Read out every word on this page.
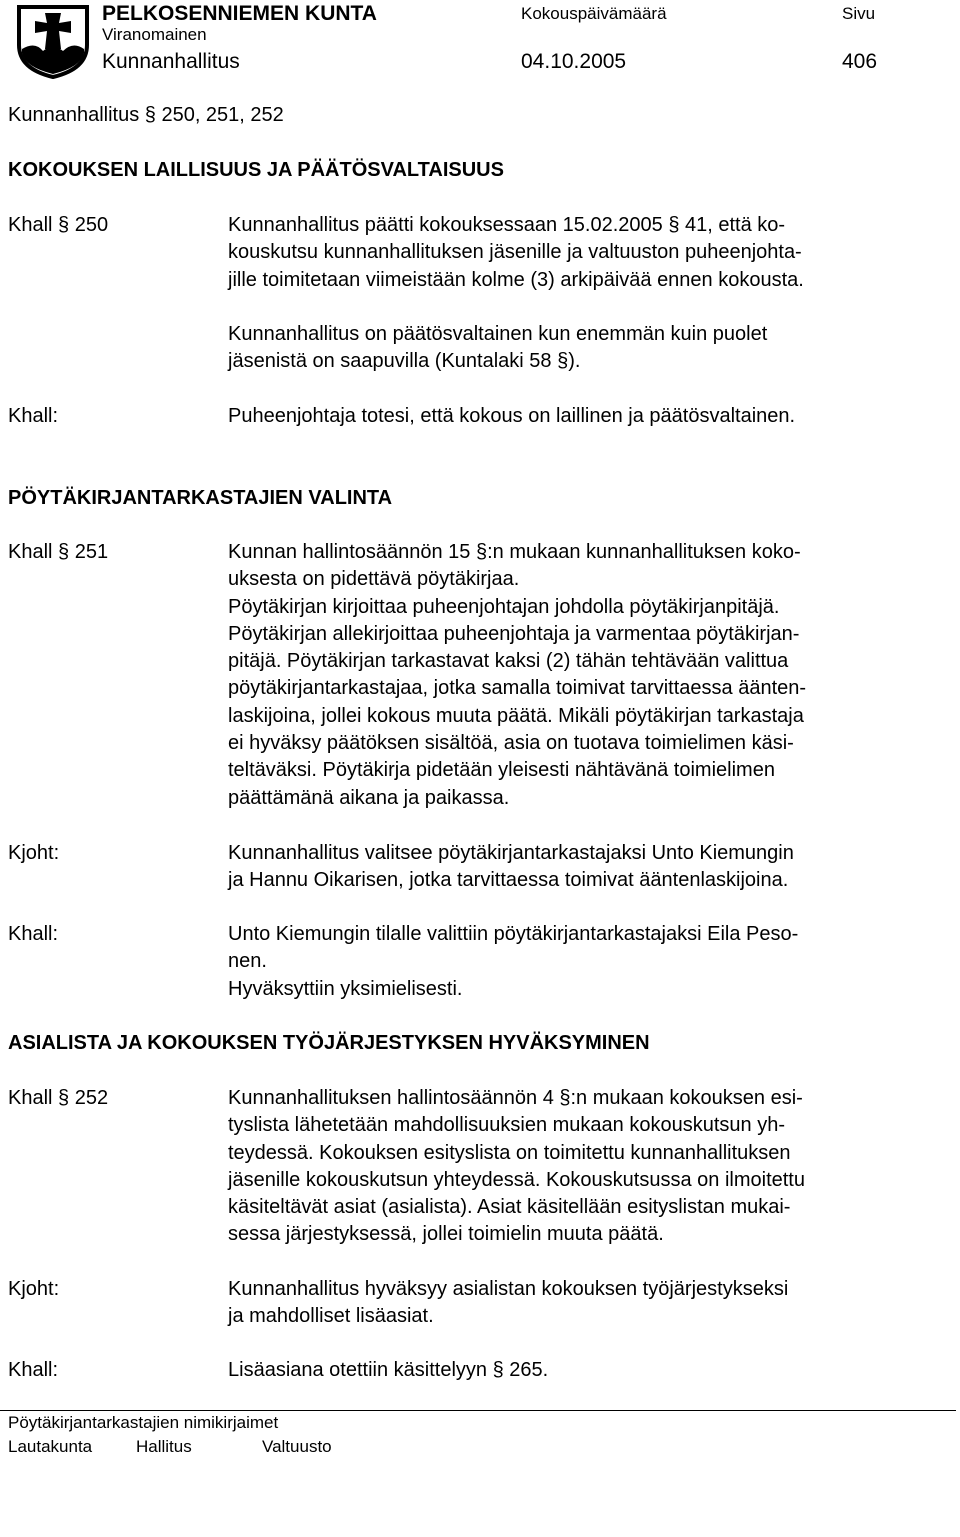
PELKOSENNIEMEN KUNTA
Viranomainen
Kunnanhallitus
Kokouspäivämäärä
04.10.2005
Sivu
406
Kunnanhallitus § 250, 251, 252
KOKOUKSEN LAILLISUUS JA PÄÄTÖSVALTAISUUS
Khall § 250	Kunnanhallitus päätti kokouksessaan 15.02.2005 § 41, että ko-
kouskutsu kunnanhallituksen jäsenille ja valtuuston puheenjohta-
jille toimitetaan viimeistään kolme (3) arkipäivää ennen kokousta.
Kunnanhallitus on päätösvaltainen kun enemmän kuin puolet
jäsenistä on saapuvilla (Kuntalaki 58 §).
Khall:	Puheenjohtaja totesi, että kokous on laillinen ja päätösvaltainen.
PÖYTÄKIRJANTARKASTAJIEN VALINTA
Khall § 251	Kunnan hallintosäännön 15 §:n mukaan kunnanhallituksen koko-
uksesta on pidettävä pöytäkirjaa.
Pöytäkirjan kirjoittaa puheenjohtajan johdolla pöytäkirjanpitäjä.
Pöytäkirjan allekirjoittaa puheenjohtaja ja varmentaa pöytäkirjan-
pitäjä. Pöytäkirjan tarkastavat kaksi (2) tähän tehtävään valittua
pöytäkirjantarkastajaa, jotka samalla toimivat tarvittaessa äänten-
laskijoina, jollei kokous muuta päätä. Mikäli pöytäkirjan tarkastaja
ei hyväksy päätöksen sisältöä, asia on tuotava toimielimen käsi-
teltäväksi. Pöytäkirja pidetään yleisesti nähtävänä toimielimen
päättämänä aikana ja paikassa.
Kjoht:	Kunnanhallitus valitsee pöytäkirjantarkastajaksi Unto Kiemungin
ja Hannu Oikarisen, jotka tarvittaessa toimivat ääntenlaskijoina.
Khall:	Unto Kiemungin tilalle valittiin pöytäkirjantarkastajaksi Eila Peso-
nen.
Hyväksyttiin yksimielisesti.
ASIALISTA JA KOKOUKSEN TYÖJÄRJESTYKSEN HYVÄKSYMINEN
Khall § 252	Kunnanhallituksen hallintosäännön 4 §:n mukaan kokouksen esi-
tyslista lähetetään mahdollisuuksien mukaan kokouskutsun yh-
teydessä. Kokouksen esityslista on toimitettu kunnanhallituksen
jäsenille kokouskutsun yhteydessä. Kokouskutsussa on ilmoitettu
käsiteltävät asiat (asialista). Asiat käsitellään esityslistan mukai-
sessa järjestyksessä, jollei toimielin muuta päätä.
Kjoht:	Kunnanhallitus hyväksyy asialistan kokouksen työjärjestykseksi
ja mahdolliset lisäasiat.
Khall:	Lisäasiana otettiin käsittelyyn § 265.
Pöytäkirjantarkastajien nimikirjaimet
Lautakunta	Hallitus	Valtuusto
